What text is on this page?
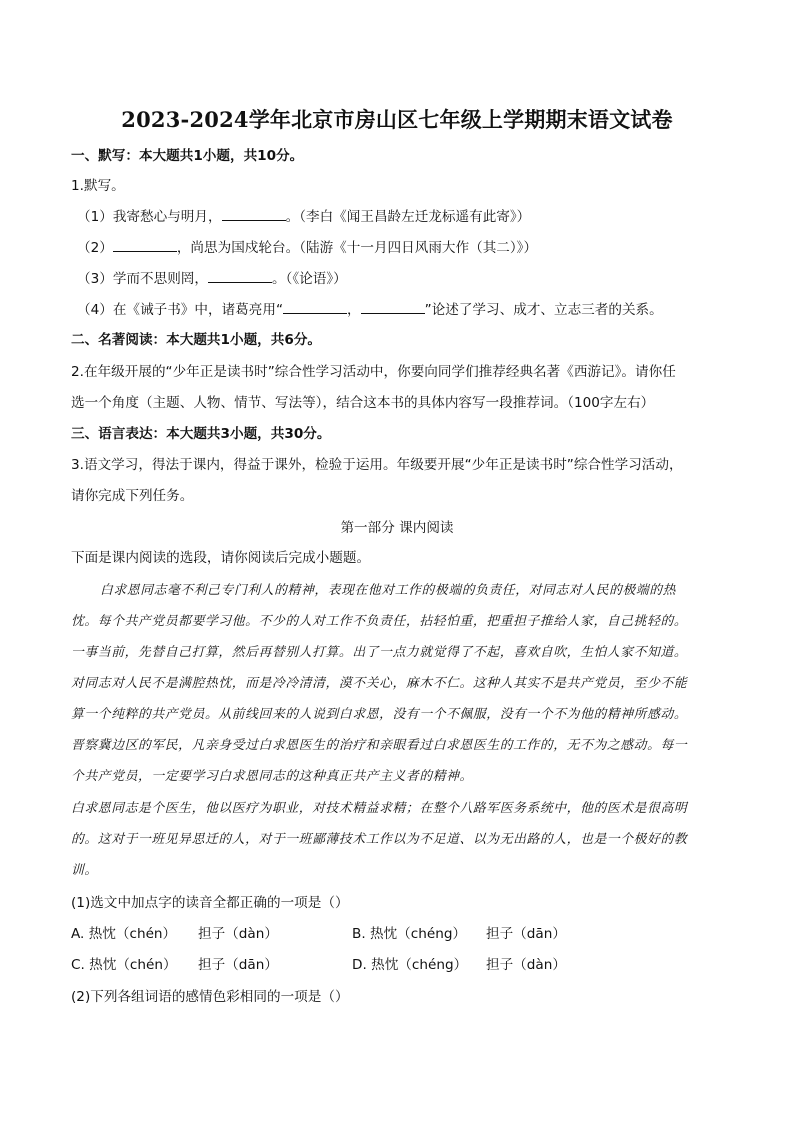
2023-2024学年北京市房山区七年级上学期期末语文试卷
一、默写：本大题共1小题，共10分。
1.默写。
（1）我寄愁心与明月，	。（李白《闻王昌龄左迁龙标遥有此寄》）
（2）	，尚思为国戍轮台。（陆游《十一月四日风雨大作（其二）》）
（3）学而不思则罔，	。（《论语》）
（4）在《诫子书》中，诸葛亮用“	，	”论述了学习、成才、立志三者的关系。
二、名著阅读：本大题共1小题，共6分。
2.在年级开展的“少年正是读书时”综合性学习活动中，你要向同学们推荐经典名著《西游记》。请你任
选一个角度（主题、人物、情节、写法等），结合这本书的具体内容写一段推荐词。（100字左右）
三、语言表达：本大题共3小题，共30分。
3.语文学习，得法于课内，得益于课外，检验于运用。年级要开展“少年正是读书时”综合性学习活动，
请你完成下列任务。
第一部分 课内阅读
下面是课内阅读的选段，请你阅读后完成小题题。
白求恩同志毫不利己专门利人的精神，表现在他对工作的极端的负责任，对同志对人民的极端的热
忱。每个共产党员都要学习他。不少的人对工作不负责任，拈轻怕重，把重担子推给人家，自己挑轻的。
一事当前，先替自己打算，然后再替别人打算。出了一点力就觉得了不起，喜欢自吹，生怕人家不知道。
对同志对人民不是满腔热忱，而是冷冷清清，漠不关心，麻木不仁。这种人其实不是共产党员，至少不能
算一个纯粹的共产党员。从前线回来的人说到白求恩，没有一个不佩服，没有一个不为他的精神所感动。
晋察冀边区的军民，凡亲身受过白求恩医生的治疗和亲眼看过白求恩医生的工作的，无不为之感动。每一
个共产党员，一定要学习白求恩同志的这种真正共产主义者的精神。
白求恩同志是个医生，他以医疗为职业，对技术精益求精；在整个八路军医务系统中，他的医术是很高明
的。这对于一班见异思迁的人，对于一班鄙薄技术工作以为不足道、以为无出路的人，也是一个极好的教
训。
(1)选文中加点字的读音全都正确的一项是（）
A. 热忱（chén） 担子（dàn）	B. 热忱（chéng） 担子（dān）
C. 热忱（chén） 担子（dān）	D. 热忱（chéng） 担子（dàn）
(2)下列各组词语的感情色彩相同的一项是（）
